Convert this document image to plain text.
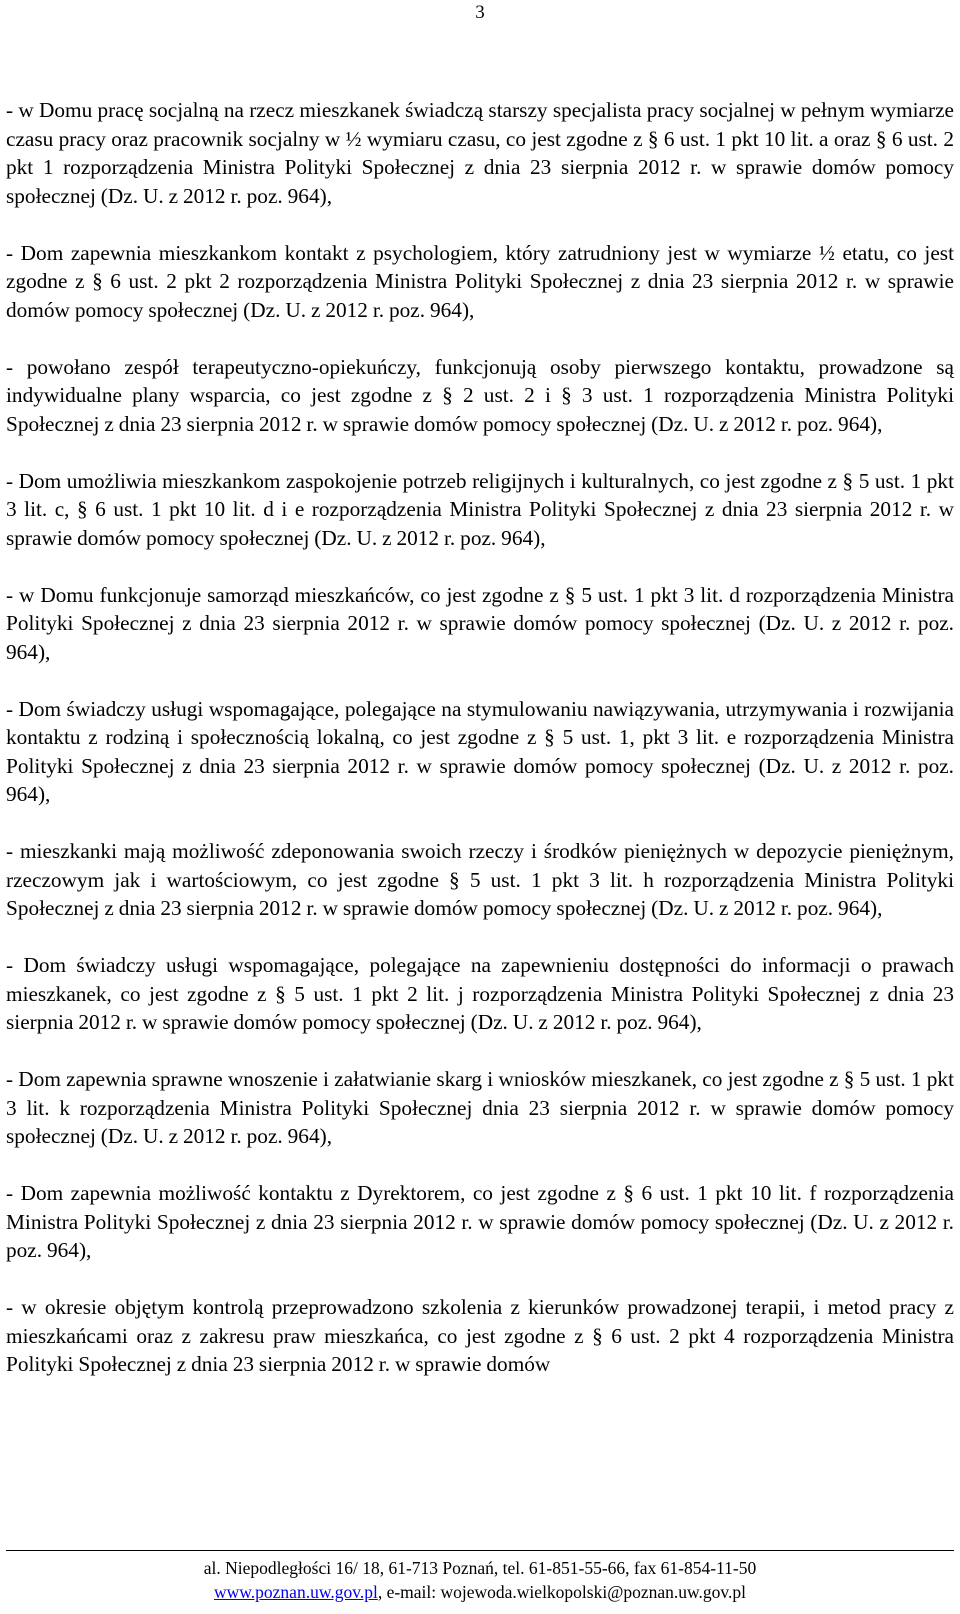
3

- w Domu pracę socjalną na rzecz mieszkanek świadczą starszy specjalista pracy socjalnej w pełnym wymiarze czasu pracy oraz pracownik socjalny w ½ wymiaru czasu, co jest zgodne z § 6 ust. 1 pkt 10 lit. a oraz § 6 ust. 2 pkt 1 rozporządzenia Ministra Polityki Społecznej z dnia 23 sierpnia 2012 r. w sprawie domów pomocy społecznej (Dz. U. z 2012 r. poz. 964),

- Dom zapewnia mieszkankom kontakt z psychologiem, który zatrudniony jest w wymiarze ½ etatu, co jest zgodne z § 6 ust. 2 pkt 2 rozporządzenia Ministra Polityki Społecznej z dnia 23 sierpnia 2012 r. w sprawie domów pomocy społecznej (Dz. U. z 2012 r. poz. 964),

- powołano zespół terapeutyczno-opiekuńczy, funkcjonują osoby pierwszego kontaktu, prowadzone są indywidualne plany wsparcia, co jest zgodne z § 2 ust. 2 i § 3 ust. 1 rozporządzenia Ministra Polityki Społecznej z dnia 23 sierpnia 2012 r. w sprawie domów pomocy społecznej (Dz. U. z 2012 r. poz. 964),

- Dom umożliwia mieszkankom zaspokojenie potrzeb religijnych i kulturalnych, co jest zgodne z § 5 ust. 1 pkt 3 lit. c, § 6 ust. 1 pkt 10 lit. d i e rozporządzenia Ministra Polityki Społecznej z dnia 23 sierpnia 2012 r. w sprawie domów pomocy społecznej (Dz. U. z 2012 r. poz. 964),

- w Domu funkcjonuje samorząd mieszkańców, co jest zgodne z § 5 ust. 1 pkt 3 lit. d rozporządzenia Ministra Polityki Społecznej z dnia 23 sierpnia 2012 r. w sprawie domów pomocy społecznej (Dz. U. z 2012 r. poz. 964),

- Dom świadczy usługi wspomagające, polegające na stymulowaniu nawiązywania, utrzymywania i rozwijania kontaktu z rodziną i społecznością lokalną, co jest zgodne z § 5 ust. 1, pkt 3 lit. e rozporządzenia Ministra Polityki Społecznej z dnia 23 sierpnia 2012 r. w sprawie domów pomocy społecznej (Dz. U. z 2012 r. poz. 964),

- mieszkanki mają możliwość zdeponowania swoich rzeczy i środków pieniężnych w depozycie pieniężnym, rzeczowym jak i wartościowym, co jest zgodne § 5 ust. 1 pkt 3 lit. h rozporządzenia Ministra Polityki Społecznej z dnia 23 sierpnia 2012 r. w sprawie domów pomocy społecznej (Dz. U. z 2012 r. poz. 964),

- Dom świadczy usługi wspomagające, polegające na zapewnieniu dostępności do informacji o prawach mieszkanek, co jest zgodne z § 5 ust. 1 pkt 2 lit. j rozporządzenia Ministra Polityki Społecznej z dnia 23 sierpnia 2012 r. w sprawie domów pomocy społecznej (Dz. U. z 2012 r. poz. 964),

- Dom zapewnia sprawne wnoszenie i załatwianie skarg i wniosków mieszkanek, co jest zgodne z § 5 ust. 1 pkt 3 lit. k rozporządzenia Ministra Polityki Społecznej dnia 23 sierpnia 2012 r. w sprawie domów pomocy społecznej (Dz. U. z 2012 r. poz. 964),

- Dom zapewnia możliwość kontaktu z Dyrektorem, co jest zgodne z § 6 ust. 1 pkt 10 lit. f rozporządzenia Ministra Polityki Społecznej z dnia 23 sierpnia 2012 r. w sprawie domów pomocy społecznej (Dz. U. z 2012 r. poz. 964),

- w okresie objętym kontrolą przeprowadzono szkolenia z kierunków prowadzonej terapii, i metod pracy z mieszkańcami oraz z zakresu praw mieszkańca, co jest zgodne z § 6 ust. 2 pkt 4 rozporządzenia Ministra Polityki Społecznej z dnia 23 sierpnia 2012 r. w sprawie domów

al. Niepodległości 16/ 18, 61-713 Poznań, tel. 61-851-55-66, fax 61-854-11-50
www.poznan.uw.gov.pl, e-mail: wojewoda.wielkopolski@poznan.uw.gov.pl
